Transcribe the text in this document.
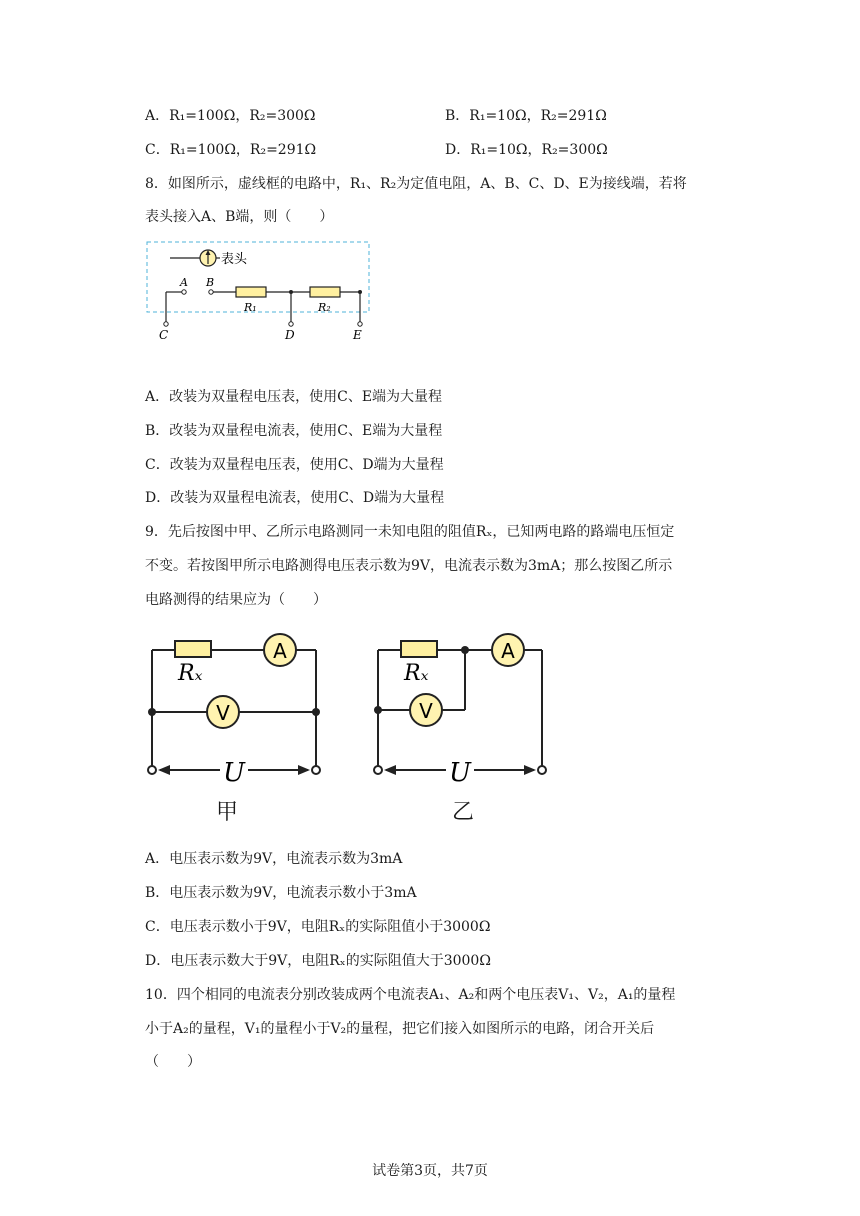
A．R₁=100Ω，R₂=300Ω	B．R₁=10Ω，R₂=291Ω
C．R₁=100Ω，R₂=291Ω	D．R₁=10Ω，R₂=300Ω
8．如图所示，虚线框的电路中，R₁、R₂为定值电阻，A、B、C、D、E为接线端，若将
表头接入A、B端，则（　　）
表头
A
C
B
R₁
D
R₂
E
A．改装为双量程电压表，使用C、E端为大量程
B．改装为双量程电流表，使用C、E端为大量程
C．改装为双量程电压表，使用C、D端为大量程
D．改装为双量程电流表，使用C、D端为大量程
9．先后按图中甲、乙所示电路测同一未知电阻的阻值Rₓ，已知两电路的路端电压恒定
不变。若按图甲所示电路测得电压表示数为9V，电流表示数为3mA；那么按图乙所示
电路测得的结果应为（　　）
Rₓ
A
V
U
甲
Rₓ
A
V
U
乙
A．电压表示数为9V，电流表示数为3mA
B．电压表示数为9V，电流表示数小于3mA
C．电压表示数小于9V，电阻Rₓ的实际阻值小于3000Ω
D．电压表示数大于9V，电阻Rₓ的实际阻值大于3000Ω
10．四个相同的电流表分别改装成两个电流表A₁、A₂和两个电压表V₁、V₂，A₁的量程
小于A₂的量程，V₁的量程小于V₂的量程，把它们接入如图所示的电路，闭合开关后
（　　）
试卷第3页，共7页
